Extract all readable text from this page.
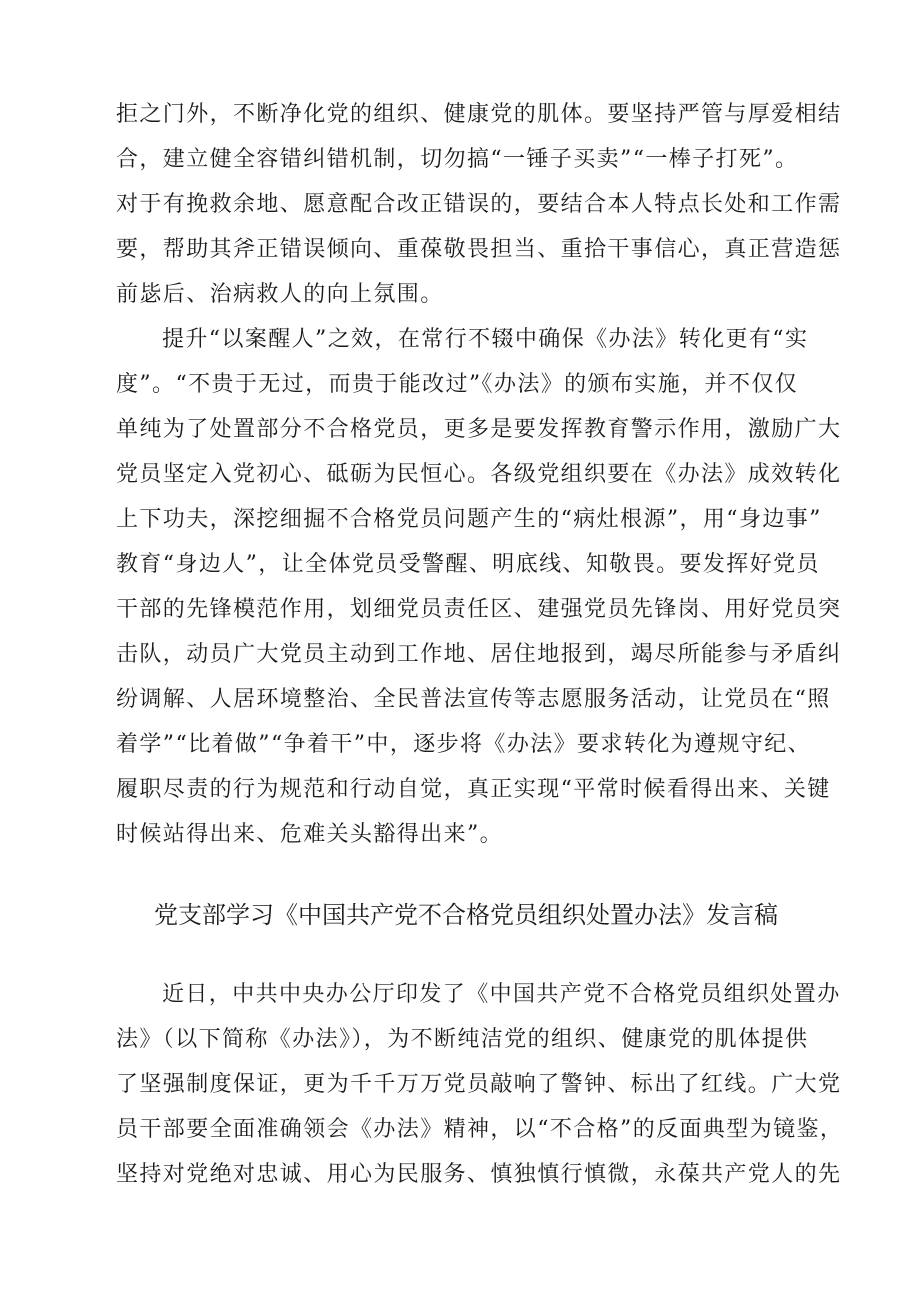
拒之门外，不断净化党的组织、健康党的肌体。要坚持严管与厚爱相结
合，建立健全容错纠错机制，切勿搞“一锤子买卖”“一棒子打死”。
对于有挽救余地、愿意配合改正错误的，要结合本人特点长处和工作需
要，帮助其斧正错误倾向、重葆敬畏担当、重拾干事信心，真正营造惩
前毖后、治病救人的向上氛围。
提升“以案醒人”之效，在常行不辍中确保《办法》转化更有“实
度”。“不贵于无过，而贵于能改过”《办法》的颁布实施，并不仅仅
单纯为了处置部分不合格党员，更多是要发挥教育警示作用，激励广大
党员坚定入党初心、砥砺为民恒心。各级党组织要在《办法》成效转化
上下功夫，深挖细掘不合格党员问题产生的“病灶根源”，用“身边事”
教育“身边人”，让全体党员受警醒、明底线、知敬畏。要发挥好党员
干部的先锋模范作用，划细党员责任区、建强党员先锋岗、用好党员突
击队，动员广大党员主动到工作地、居住地报到，竭尽所能参与矛盾纠
纷调解、人居环境整治、全民普法宣传等志愿服务活动，让党员在“照
着学”“比着做”“争着干”中，逐步将《办法》要求转化为遵规守纪、
履职尽责的行为规范和行动自觉，真正实现“平常时候看得出来、关键
时候站得出来、危难关头豁得出来”。
党支部学习《中国共产党不合格党员组织处置办法》发言稿
近日，中共中央办公厅印发了《中国共产党不合格党员组织处置办
法》（以下简称《办法》），为不断纯洁党的组织、健康党的肌体提供
了坚强制度保证，更为千千万万党员敲响了警钟、标出了红线。广大党
员干部要全面准确领会《办法》精神，以“不合格”的反面典型为镜鉴，
坚持对党绝对忠诚、用心为民服务、慎独慎行慎微，永葆共产党人的先
